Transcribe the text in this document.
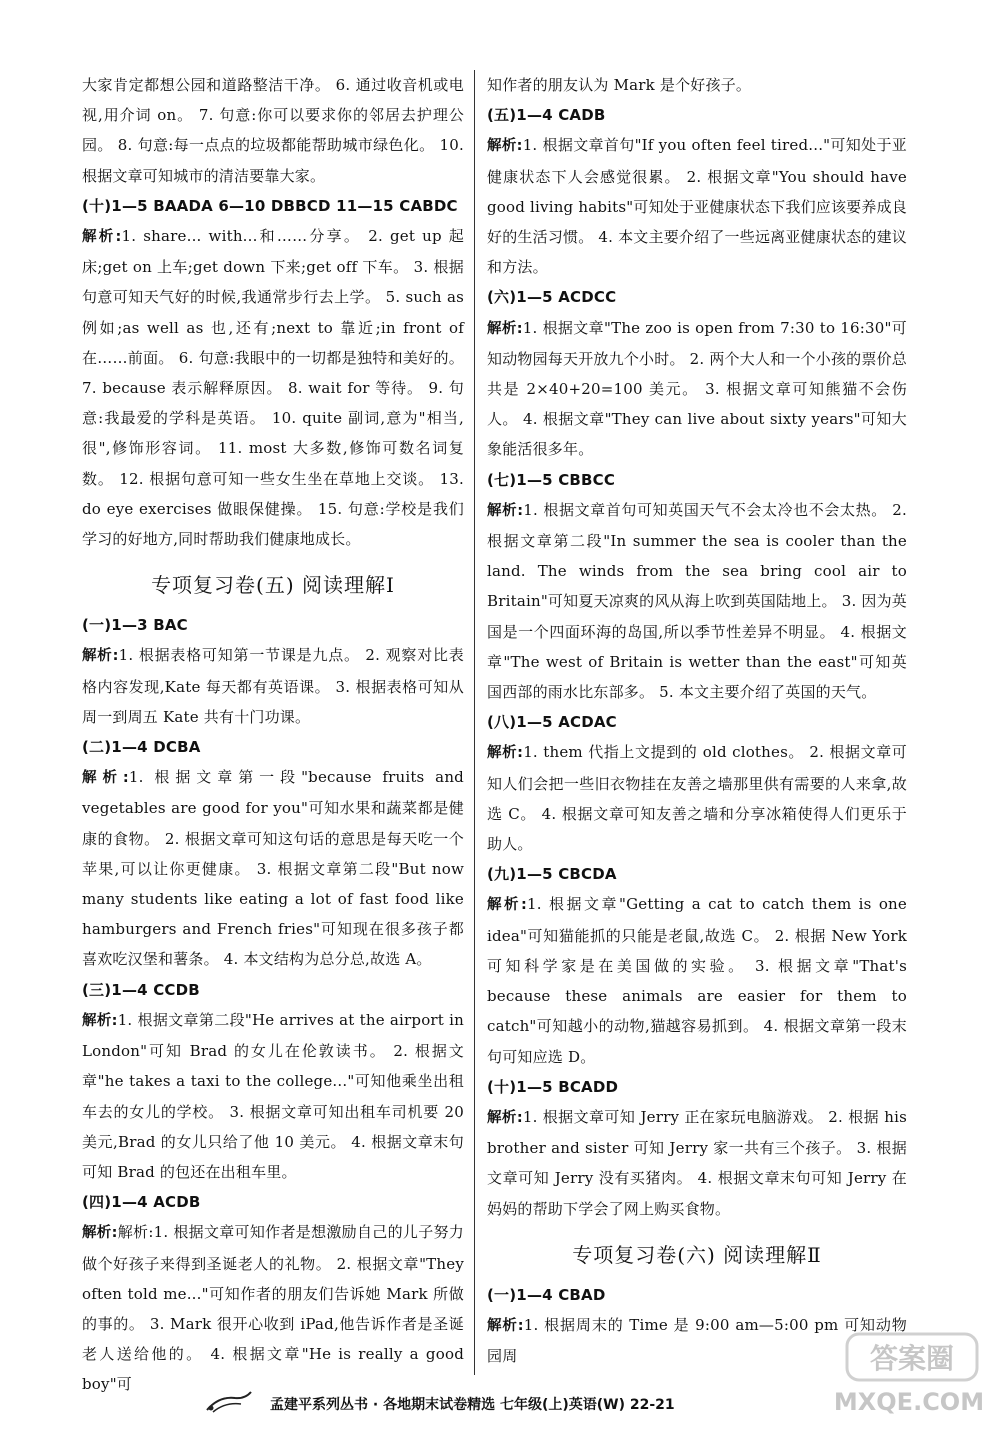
大家肯定都想公园和道路整洁干净。 6. 通过收音机或电视,用介词 on。 7. 句意:你可以要求你的邻居去护理公园。 8. 句意:每一点点的垃圾都能帮助城市绿色化。 10. 根据文章可知城市的清洁要靠大家。

(十)1—5 BAADA 6—10 DBBCD 11—15 CABDC

解析:1. share... with...和……分享。 2. get up 起床;get on 上车;get down 下来;get off 下车。 3. 根据句意可知天气好的时候,我通常步行去上学。 5. such as 例如;as well as 也,还有;next to 靠近;in front of 在……前面。 6. 句意:我眼中的一切都是独特和美好的。 7. because 表示解释原因。 8. wait for 等待。 9. 句意:我最爱的学科是英语。 10. quite 副词,意为"相当,很",修饰形容词。 11. most 大多数,修饰可数名词复数。 12. 根据句意可知一些女生坐在草地上交谈。 13. do eye exercises 做眼保健操。 15. 句意:学校是我们学习的好地方,同时帮助我们健康地成长。

专项复习卷(五) 阅读理解Ⅰ
(一)1—3 BAC

解析:1. 根据表格可知第一节课是九点。 2. 观察对比表格内容发现,Kate 每天都有英语课。 3. 根据表格可知从周一到周五 Kate 共有十门功课。

(二)1—4 DCBA

解析:1. 根据文章第一段"because fruits and vegetables are good for you"可知水果和蔬菜都是健康的食物。 2. 根据文章可知这句话的意思是每天吃一个苹果,可以让你更健康。 3. 根据文章第二段"But now many students like eating a lot of fast food like hamburgers and French fries"可知现在很多孩子都喜欢吃汉堡和薯条。 4. 本文结构为总分总,故选 A。

(三)1—4 CCDB

解析:1. 根据文章第二段"He arrives at the airport in London"可知 Brad 的女儿在伦敦读书。 2. 根据文章"he takes a taxi to the college..."可知他乘坐出租车去的女儿的学校。 3. 根据文章可知出租车司机要 20 美元,Brad 的女儿只给了他 10 美元。 4. 根据文章末句可知 Brad 的包还在出租车里。

(四)1—4 ACDB

解析:解析:1. 根据文章可知作者是想激励自己的儿子努力做个好孩子来得到圣诞老人的礼物。 2. 根据文章"They often told me..."可知作者的朋友们告诉她 Mark 所做的事的。 3. Mark 很开心收到 iPad,他告诉作者是圣诞老人送给他的。 4. 根据文章"He is really a good boy"可

知作者的朋友认为 Mark 是个好孩子。

(五)1—4 CADB

解析:1. 根据文章首句"If you often feel tired..."可知处于亚健康状态下人会感觉很累。 2. 根据文章"You should have good living habits"可知处于亚健康状态下我们应该要养成良好的生活习惯。 4. 本文主要介绍了一些远离亚健康状态的建议和方法。

(六)1—5 ACDCC

解析:1. 根据文章"The zoo is open from 7:30 to 16:30"可知动物园每天开放九个小时。 2. 两个大人和一个小孩的票价总共是 2×40+20=100 美元。 3. 根据文章可知熊猫不会伤人。 4. 根据文章"They can live about sixty years"可知大象能活很多年。

(七)1—5 CBBCC

解析:1. 根据文章首句可知英国天气不会太冷也不会太热。 2. 根据文章第二段"In summer the sea is cooler than the land. The winds from the sea bring cool air to Britain"可知夏天凉爽的风从海上吹到英国陆地上。 3. 因为英国是一个四面环海的岛国,所以季节性差异不明显。 4. 根据文章"The west of Britain is wetter than the east"可知英国西部的雨水比东部多。 5. 本文主要介绍了英国的天气。

(八)1—5 ACDAC

解析:1. them 代指上文提到的 old clothes。 2. 根据文章可知人们会把一些旧衣物挂在友善之墙那里供有需要的人来拿,故选 C。 4. 根据文章可知友善之墙和分享冰箱使得人们更乐于助人。

(九)1—5 CBCDA

解析:1. 根据文章"Getting a cat to catch them is one idea"可知猫能抓的只能是老鼠,故选 C。 2. 根据 New York 可知科学家是在美国做的实验。 3. 根据文章"That's because these animals are easier for them to catch"可知越小的动物,猫越容易抓到。 4. 根据文章第一段末句可知应选 D。

(十)1—5 BCADD

解析:1. 根据文章可知 Jerry 正在家玩电脑游戏。 2. 根据 his brother and sister 可知 Jerry 家一共有三个孩子。 3. 根据文章可知 Jerry 没有买猪肉。 4. 根据文章末句可知 Jerry 在妈妈的帮助下学会了网上购买食物。

专项复习卷(六) 阅读理解Ⅱ
(一)1—4 CBAD

解析:1. 根据周末的 Time 是 9:00 am—5:00 pm 可知动物园周

孟建平系列丛书 · 各地期末试卷精选 七年级(上)英语(W) 22-21
答案圈
MXQE.COM
